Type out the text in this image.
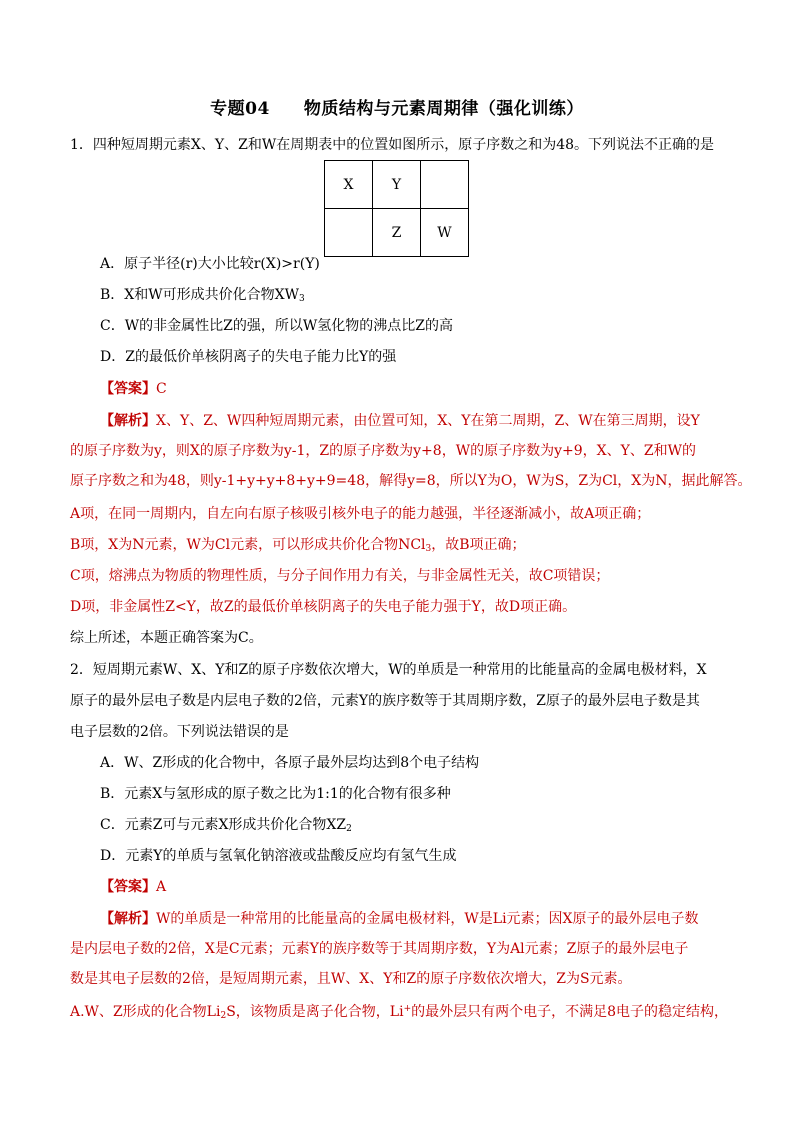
专题04 物质结构与元素周期律（强化训练）
1．四种短周期元素X、Y、Z和W在周期表中的位置如图所示，原子序数之和为48。下列说法不正确的是
X	Y	
	Z	W
A．原子半径(r)大小比较r(X)>r(Y)
B．X和W可形成共价化合物$XW_3$
C．W的非金属性比Z的强，所以W氢化物的沸点比Z的高
D．Z的最低价单核阴离子的失电子能力比Y的强
【答案】C
【解析】X、Y、Z、W四种短周期元素，由位置可知，X、Y在第二周期，Z、W在第三周期，设Y
的原子序数为y，则X的原子序数为y-1，Z的原子序数为y+8，W的原子序数为y+9，X、Y、Z和W的
原子序数之和为48，则y-1+y+y+8+y+9=48，解得y=8，所以Y为O，W为S，Z为Cl，X为N，据此解答。
A项，在同一周期内，自左向右原子核吸引核外电子的能力越强，半径逐渐减小，故A项正确；
B项，X为N元素，W为Cl元素，可以形成共价化合物NCl$_3$，故B项正确；
C项，熔沸点为物质的物理性质，与分子间作用力有关，与非金属性无关，故C项错误；
D项，非金属性Z<Y，故Z的最低价单核阴离子的失电子能力强于Y，故D项正确。
综上所述，本题正确答案为C。
2．短周期元素W、X、Y和Z的原子序数依次增大，W的单质是一种常用的比能量高的金属电极材料，X
原子的最外层电子数是内层电子数的2倍，元素Y的族序数等于其周期序数，Z原子的最外层电子数是其
电子层数的2倍。下列说法错误的是
A．W、Z形成的化合物中，各原子最外层均达到8个电子结构
B．元素X与氢形成的原子数之比为1:1的化合物有很多种
C．元素Z可与元素X形成共价化合物$XZ_2$
D．元素Y的单质与氢氧化钠溶液或盐酸反应均有氢气生成
【答案】A
【解析】W的单质是一种常用的比能量高的金属电极材料，W是Li元素；因X原子的最外层电子数
是内层电子数的2倍，X是C元素；元素Y的族序数等于其周期序数，Y为Al元素；Z原子的最外层电子
数是其电子层数的2倍，是短周期元素，且W、X、Y和Z的原子序数依次增大，Z为S元素。
A.W、Z形成的化合物$Li_2S$，该物质是离子化合物，Li+的最外层只有两个电子，不满足8电子的稳定结构，
